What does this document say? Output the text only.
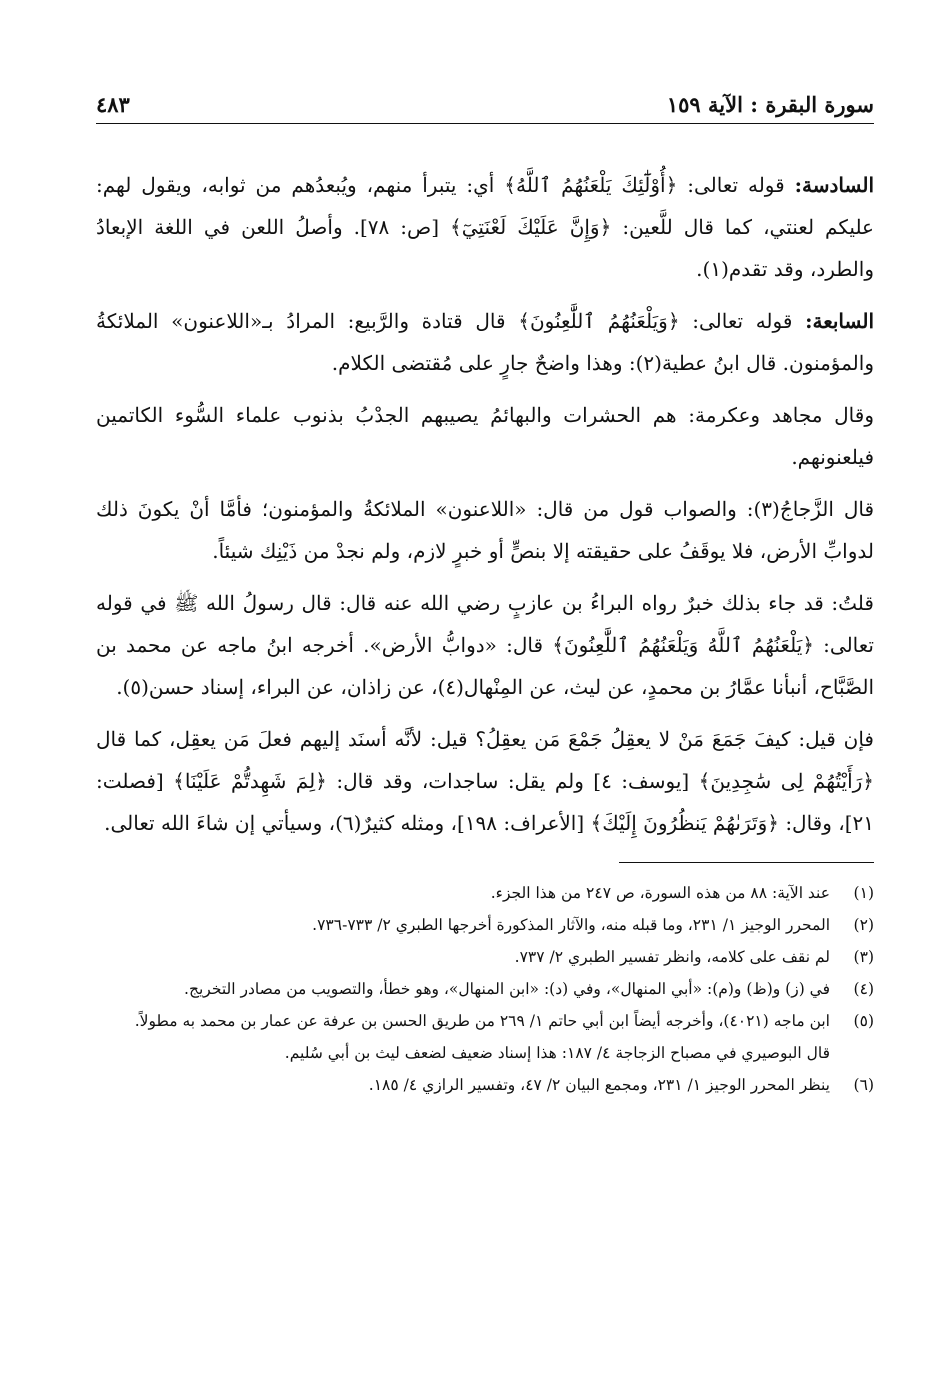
سورة البقرة : الآية ١٥٩
٤٨٣

السادسة: قوله تعالى: ﴿أُوْلَٰٓئِكَ يَلْعَنُهُمُ ٱللَّهُ﴾ أي: يتبرأ منهم، ويُبعدُهم من ثوابه، ويقول لهم: عليكم لعنتي، كما قال للَّعين: ﴿وَإِنَّ عَلَيْكَ لَعْنَتِيٓ﴾ [ص: ٧٨]. وأصلُ اللعن في اللغة الإبعادُ والطرد، وقد تقدم(١).

السابعة: قوله تعالى: ﴿وَيَلْعَنُهُمُ ٱللَّٰعِنُونَ﴾ قال قتادة والرَّبيع: المرادُ بـ«اللاعنون» الملائكةُ والمؤمنون. قال ابنُ عطية(٢): وهذا واضحٌ جارٍ على مُقتضى الكلام.

وقال مجاهد وعكرمة: هم الحشرات والبهائمُ يصيبهم الجدْبُ بذنوب علماء السُّوء الكاتمين فيلعنونهم.

قال الزَّجاجُ(٣): والصواب قول من قال: «اللاعنون» الملائكةُ والمؤمنون؛ فأمَّا أنْ يكونَ ذلك لدوابِّ الأرض، فلا يوقَفُ على حقيقته إلا بنصٍّ أو خبرٍ لازم، ولم نجدْ من ذَيْنِك شيئاً.

قلتُ: قد جاء بذلك خبرٌ رواه البراءُ بن عازبٍ رضي الله عنه قال: قال رسولُ الله ﷺ في قوله تعالى: ﴿يَلْعَنُهُمُ ٱللَّهُ وَيَلْعَنُهُمُ ٱللَّٰعِنُونَ﴾ قال: «دوابُّ الأرض». أخرجه ابنُ ماجه عن محمد بن الصَّبَّاح، أنبأنا عمَّارُ بن محمدٍ، عن ليث، عن المِنْهال(٤)، عن زاذان، عن البراء، إسناد حسن(٥).

فإن قيل: كيفَ جَمَعَ مَنْ لا يعقِلُ جَمْعَ مَن يعقِلُ؟ قيل: لأنَّه أسنَد إليهم فعلَ مَن يعقِل، كما قال ﴿رَأَيْتُهُمْ لِى سَٰجِدِينَ﴾ [يوسف: ٤] ولم يقل: ساجدات، وقد قال: ﴿لِمَ شَهِدتُّمْ عَلَيْنَا﴾ [فصلت: ٢١]، وقال: ﴿وَتَرَىٰهُمْ يَنظُرُونَ إِلَيْكَ﴾ [الأعراف: ١٩٨]، ومثله كثيرٌ(٦)، وسيأتي إن شاءَ الله تعالى.

(١)
عند الآية: ٨٨ من هذه السورة، ص ٢٤٧ من هذا الجزء.
(٢)
المحرر الوجيز ١/ ٢٣١، وما قبله منه، والآثار المذكورة أخرجها الطبري ٢/ ٧٣٣-٧٣٦.
(٣)
لم نقف على كلامه، وانظر تفسير الطبري ٢/ ٧٣٧.
(٤)
في (ز) و(ظ) و(م): «أبي المنهال»، وفي (د): «ابن المنهال»، وهو خطأ، والتصويب من مصادر التخريج.
(٥)
ابن ماجه (٤٠٢١)، وأخرجه أيضاً ابن أبي حاتم ١/ ٢٦٩ من طريق الحسن بن عرفة عن عمار بن محمد به مطولاً.
قال البوصيري في مصباح الزجاجة ٤/ ١٨٧: هذا إسناد ضعيف لضعف ليث بن أبي سُليم.
(٦)
ينظر المحرر الوجيز ١/ ٢٣١، ومجمع البيان ٢/ ٤٧، وتفسير الرازي ٤/ ١٨٥.
